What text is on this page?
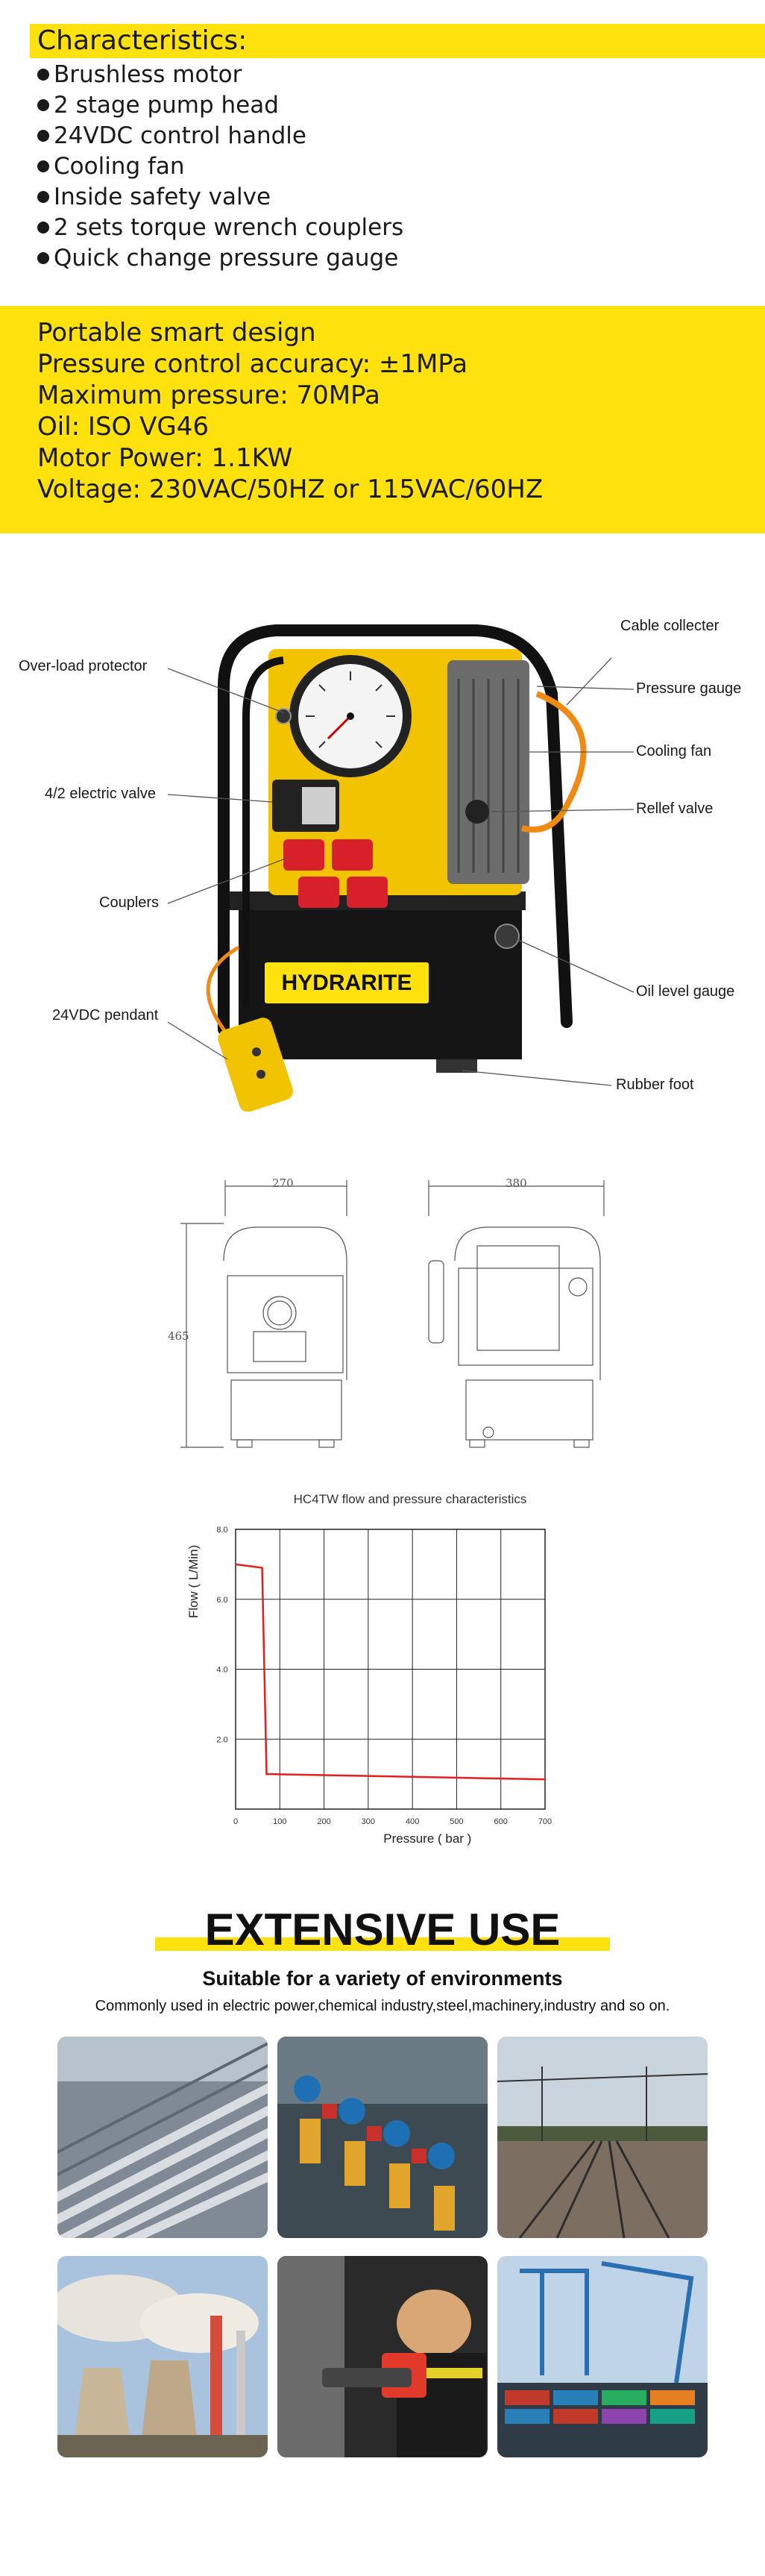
Characteristics:
Brushless motor
2 stage pump head
24VDC control handle
Cooling fan
Inside safety valve
2 sets torque wrench couplers
Quick change pressure gauge
Portable smart design
Pressure control accuracy: ±1MPa
Maximum pressure: 70MPa
Oil: ISO VG46
Motor Power: 1.1KW
Voltage: 230VAC/50HZ or 115VAC/60HZ
HYDRARITE
Over-load protector
4/2 electric valve
Couplers
24VDC pendant
Cable collecter
Pressure gauge
Cooling fan
Rellef valve
Oil level gauge
Rubber foot
270	380
465
HC4TW flow and pressure characteristics
0	100	200	300	400	500	600	700
2.0
4.0
6.0
8.0
Pressure ( bar )
Flow ( L/Min)
EXTENSIVE USE
Suitable for a variety of environments
Commonly used in electric power,chemical industry,steel,machinery,industry and so on.
